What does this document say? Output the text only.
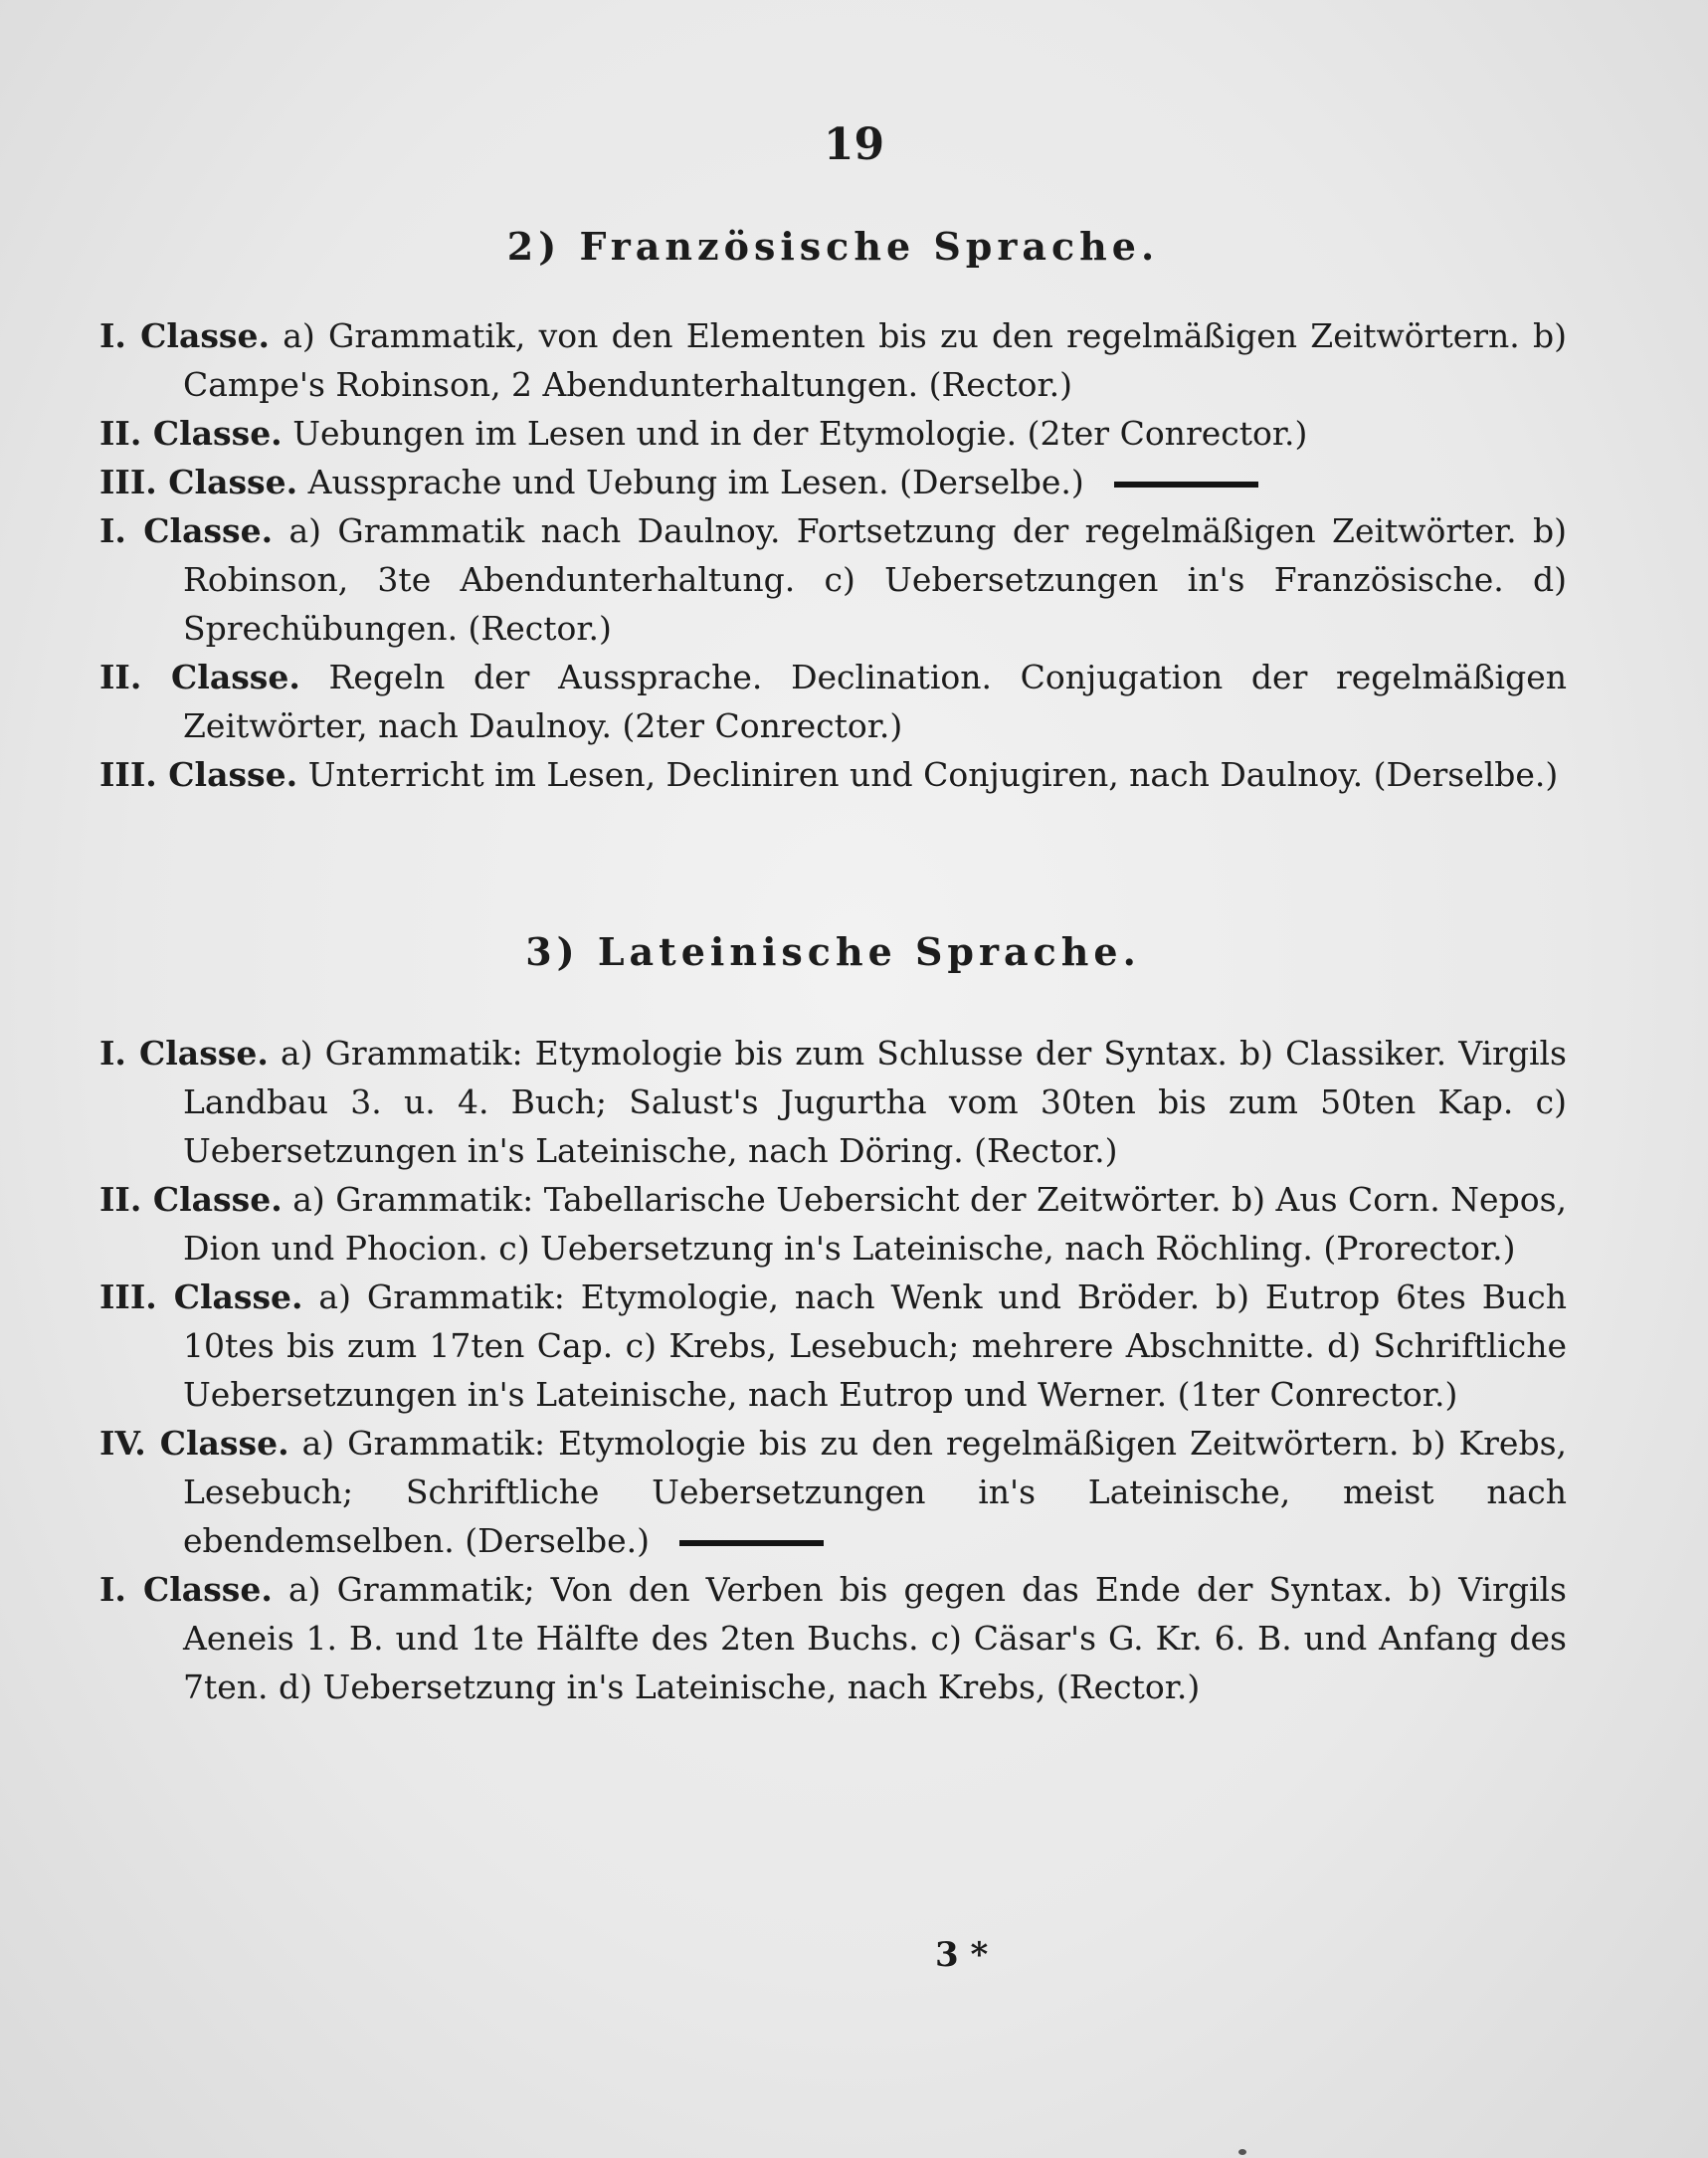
19

2) Französische Sprache.

I. Classe. a) Grammatik, von den Elementen bis zu den regelmäßigen Zeitwörtern. b) Campe's Robinson, 2 Abendunterhaltungen. (Rector.)

II. Classe. Uebungen im Lesen und in der Etymologie. (2ter Conrector.)

III. Classe. Aussprache und Uebung im Lesen. (Derselbe.)

I. Classe. a) Grammatik nach Daulnoy. Fortsetzung der regelmäßigen Zeitwörter. b) Robinson, 3te Abendunterhaltung. c) Uebersetzungen in's Französische. d) Sprechübungen. (Rector.)

II. Classe. Regeln der Aussprache. Declination. Conjugation der regelmäßigen Zeitwörter, nach Daulnoy. (2ter Conrector.)

III. Classe. Unterricht im Lesen, Decliniren und Conjugiren, nach Daulnoy. (Derselbe.)

3) Lateinische Sprache.

I. Classe. a) Grammatik: Etymologie bis zum Schlusse der Syntax. b) Classiker. Virgils Landbau 3. u. 4. Buch; Salust's Jugurtha vom 30ten bis zum 50ten Kap. c) Uebersetzungen in's Lateinische, nach Döring. (Rector.)

II. Classe. a) Grammatik: Tabellarische Uebersicht der Zeitwörter. b) Aus Corn. Nepos, Dion und Phocion. c) Uebersetzung in's Lateinische, nach Röchling. (Prorector.)

III. Classe. a) Grammatik: Etymologie, nach Wenk und Bröder. b) Eutrop 6tes Buch 10tes bis zum 17ten Cap. c) Krebs, Lesebuch; mehrere Abschnitte. d) Schriftliche Uebersetzungen in's Lateinische, nach Eutrop und Werner. (1ter Conrector.)

IV. Classe. a) Grammatik: Etymologie bis zu den regelmäßigen Zeitwörtern. b) Krebs, Lesebuch; Schriftliche Uebersetzungen in's Lateinische, meist nach ebendemselben. (Derselbe.)

I. Classe. a) Grammatik; Von den Verben bis gegen das Ende der Syntax. b) Virgils Aeneis 1. B. und 1te Hälfte des 2ten Buchs. c) Cäsar's G. Kr. 6. B. und Anfang des 7ten. d) Uebersetzung in's Lateinische, nach Krebs, (Rector.)

3 *
